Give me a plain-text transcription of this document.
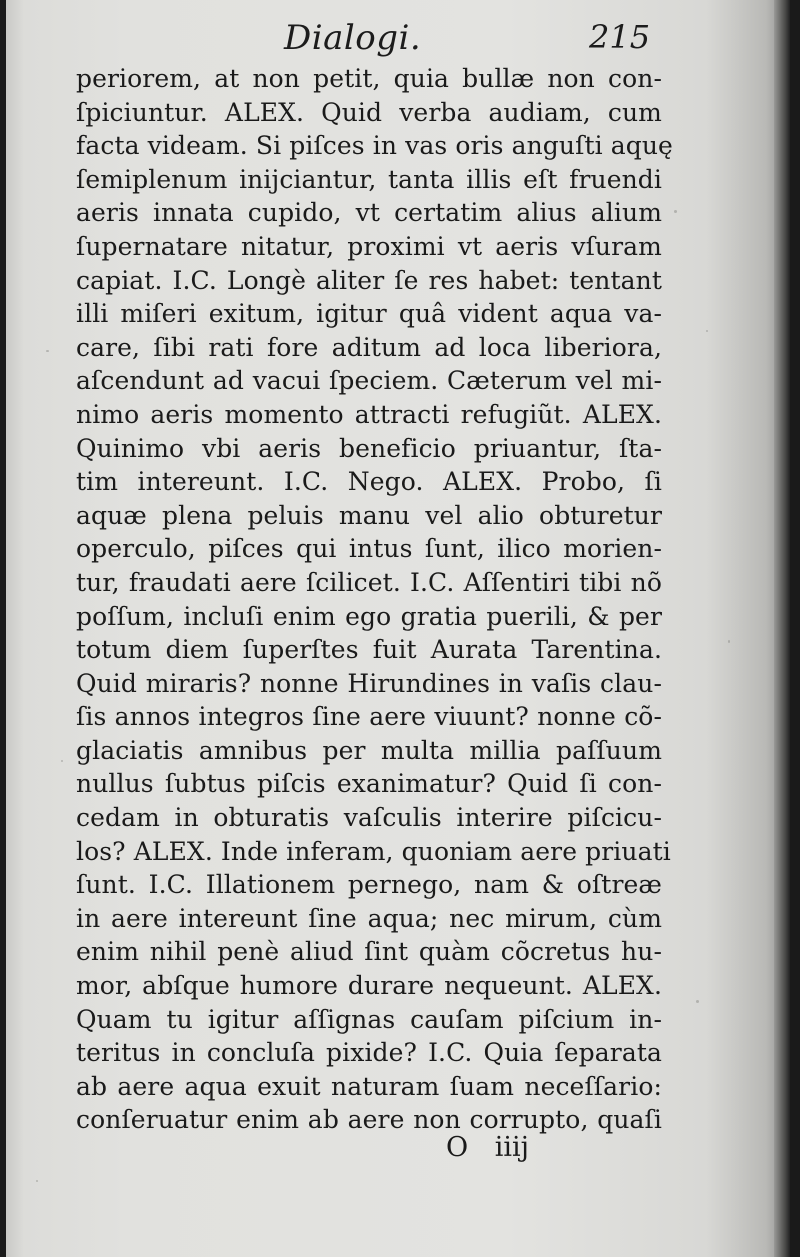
Dialogi.	215
periorem, at non petit, quia bullæ non con-
ſpiciuntur. ALEX. Quid verba audiam, cum
facta videam. Si piſces in vas oris anguſti aquę
ſemiplenum inijciantur, tanta illis eſt fruendi
aeris innata cupido, vt certatim alius alium
ſupernatare nitatur, proximi vt aeris vſuram
capiat. I.C. Longè aliter ſe res habet: tentant
illi miſeri exitum, igitur quâ vident aqua va-
care, ſibi rati fore aditum ad loca liberiora,
aſcendunt ad vacui ſpeciem. Cæterum vel mi-
nimo aeris momento attracti refugiũt. ALEX.
Quinimo vbi aeris beneficio priuantur, ſta-
tim intereunt. I.C. Nego. ALEX. Probo, ſi
aquæ plena peluis manu vel alio obturetur
operculo, piſces qui intus ſunt, ilico morien-
tur, fraudati aere ſcilicet. I.C. Aſſentiri tibi nõ
poſſum, incluſi enim ego gratia puerili, & per
totum diem ſuperſtes fuit Aurata Tarentina.
Quid miraris? nonne Hirundines in vaſis clau-
ſis annos integros ſine aere viuunt? nonne cõ-
glaciatis amnibus per multa millia paſſuum
nullus ſubtus piſcis exanimatur? Quid ſi con-
cedam in obturatis vaſculis interire piſcicu-
los? ALEX. Inde inferam, quoniam aere priuati
ſunt. I.C. Illationem pernego, nam & oſtreæ
in aere intereunt ſine aqua; nec mirum, cùm
enim nihil penè aliud ſint quàm cõcretus hu-
mor, abſque humore durare nequeunt. ALEX.
Quam tu igitur aſſignas cauſam piſcium in-
teritus in concluſa pixide? I.C. Quia ſeparata
ab aere aqua exuit naturam ſuam neceſſario:
conſeruatur enim ab aere non corrupto, quaſi
O iiij
